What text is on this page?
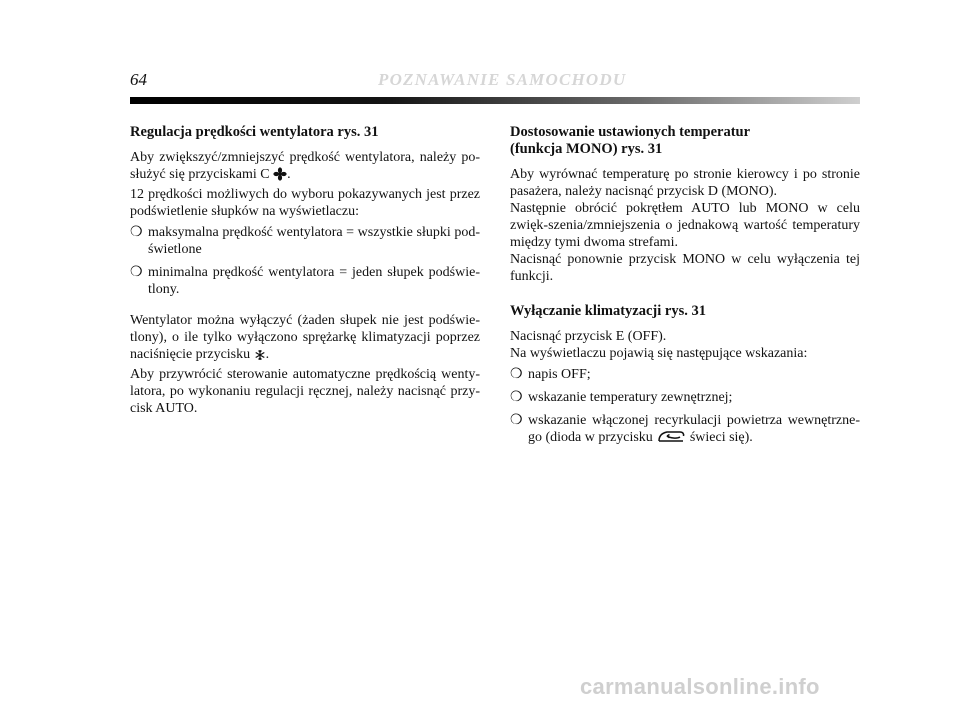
64	POZNAWANIE SAMOCHODU
Regulacja prędkości wentylatora rys. 31

Aby zwiększyć/zmniejszyć prędkość wentylatora, należy po-służyć się przyciskami C .

12 prędkości możliwych do wyboru pokazywanych jest przez podświetlenie słupków na wyświetlaczu:

❍ maksymalna prędkość wentylatora = wszystkie słupki pod-świetlone
❍ minimalna prędkość wentylatora = jeden słupek podświe-tlony.

Wentylator można wyłączyć (żaden słupek nie jest podświe-tlony), o ile tylko wyłączono sprężarkę klimatyzacji poprzez naciśnięcie przycisku .

Aby przywrócić sterowanie automatyczne prędkością wenty-latora, po wykonaniu regulacji ręcznej, należy nacisnąć przy-cisk AUTO.

Dostosowanie ustawionych temperatur
(funkcja MONO) rys. 31

Aby wyrównać temperaturę po stronie kierowcy i po stronie pasażera, należy nacisnąć przycisk D (MONO).

Następnie obrócić pokrętłem AUTO lub MONO w celu zwięk-szenia/zmniejszenia o jednakową wartość temperatury między tymi dwoma strefami.

Nacisnąć ponownie przycisk MONO w celu wyłączenia tej funkcji.

Wyłączanie klimatyzacji rys. 31

Nacisnąć przycisk E (OFF).

Na wyświetlaczu pojawią się następujące wskazania:

❍ napis OFF;
❍ wskazanie temperatury zewnętrznej;
❍ wskazanie włączonej recyrkulacji powietrza wewnętrzne-go (dioda w przycisku	świeci się).
carmanualsonline.info
